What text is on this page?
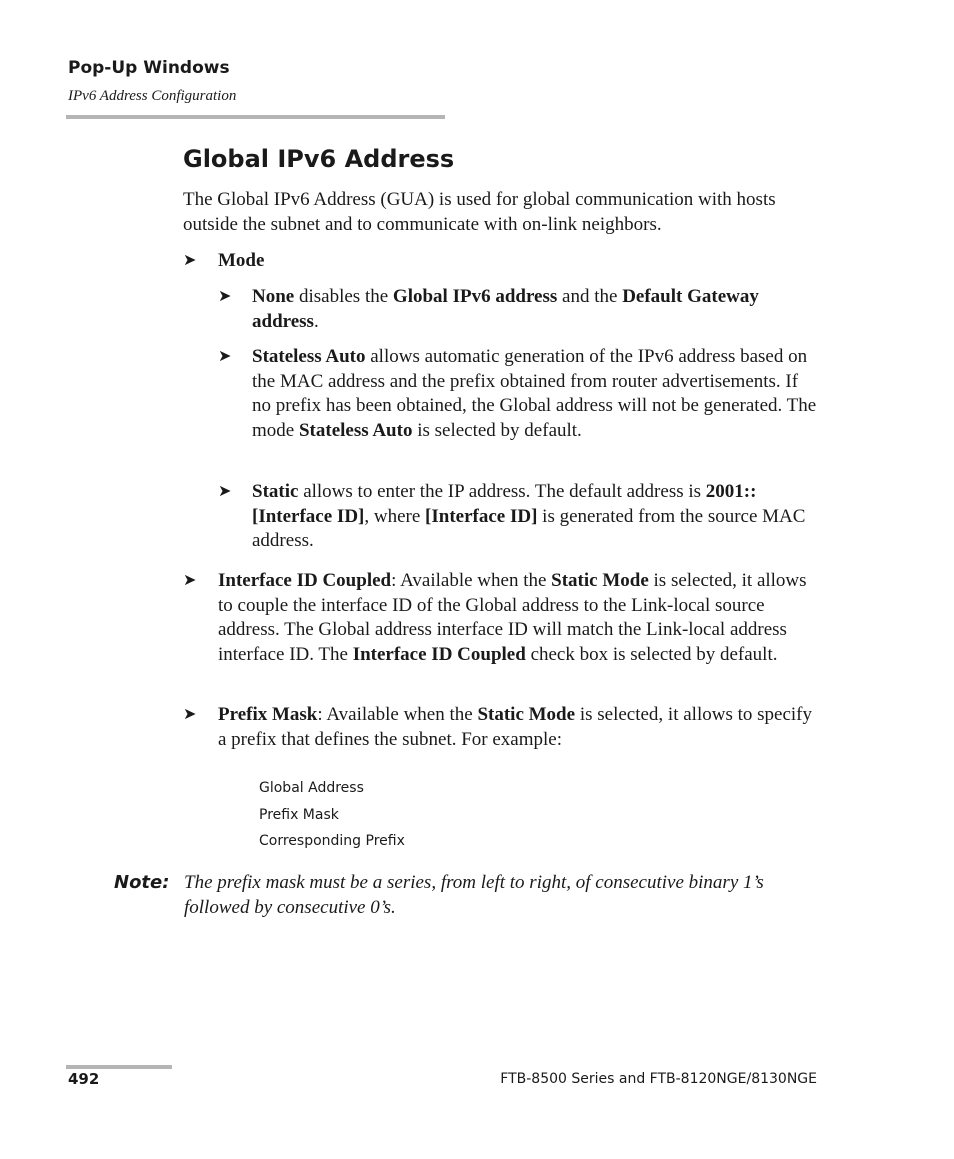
Pop-Up Windows
IPv6 Address Configuration
Global IPv6 Address
The Global IPv6 Address (GUA) is used for global communication with hosts outside the subnet and to communicate with on-link neighbors.
➤ Mode
➤ None disables the Global IPv6 address and the Default Gateway address.
➤ Stateless Auto allows automatic generation of the IPv6 address based on the MAC address and the prefix obtained from router advertisements. If no prefix has been obtained, the Global address will not be generated. The mode Stateless Auto is selected by default.
➤ Static allows to enter the IP address. The default address is 2001::[Interface ID], where [Interface ID] is generated from the source MAC address.
➤ Interface ID Coupled: Available when the Static Mode is selected, it allows to couple the interface ID of the Global address to the Link-local source address. The Global address interface ID will match the Link-local address interface ID. The Interface ID Coupled check box is selected by default.
➤ Prefix Mask: Available when the Static Mode is selected, it allows to specify a prefix that defines the subnet. For example:
Global Address
Prefix Mask
Corresponding Prefix
Note: The prefix mask must be a series, from left to right, of consecutive binary 1’s followed by consecutive 0’s.
492	FTB-8500 Series and FTB-8120NGE/8130NGE
